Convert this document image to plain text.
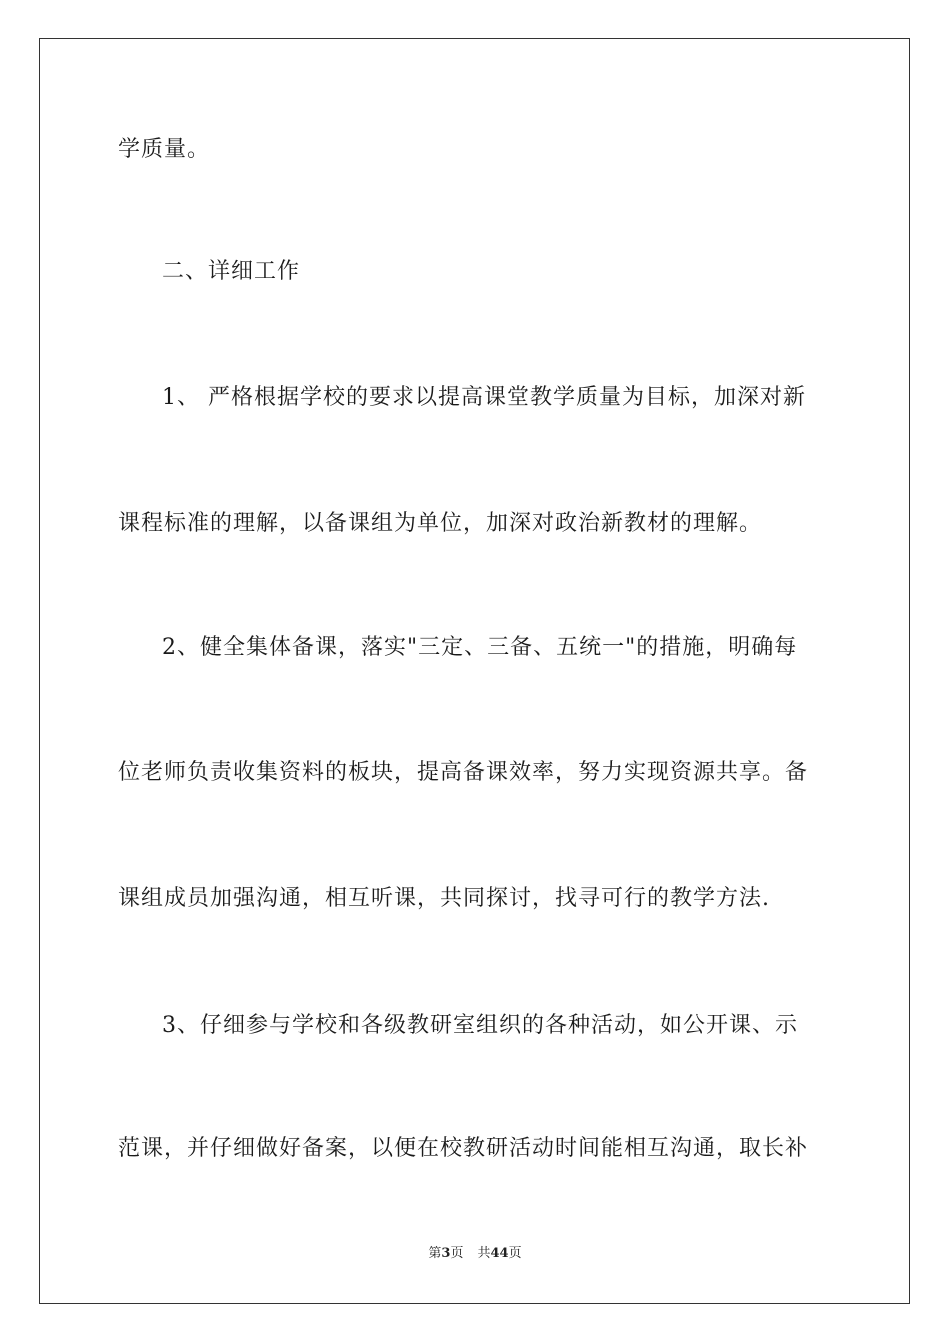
学质量。
二、详细工作
1、 严格根据学校的要求以提高课堂教学质量为目标，加深对新
课程标准的理解，以备课组为单位，加深对政治新教材的理解。
2、健全集体备课，落实"三定、三备、五统一"的措施，明确每
位老师负责收集资料的板块，提高备课效率，努力实现资源共享。备
课组成员加强沟通，相互听课，共同探讨，找寻可行的教学方法.
3、仔细参与学校和各级教研室组织的各种活动，如公开课、示
范课，并仔细做好备案，以便在校教研活动时间能相互沟通，取长补
第3页 共44页
